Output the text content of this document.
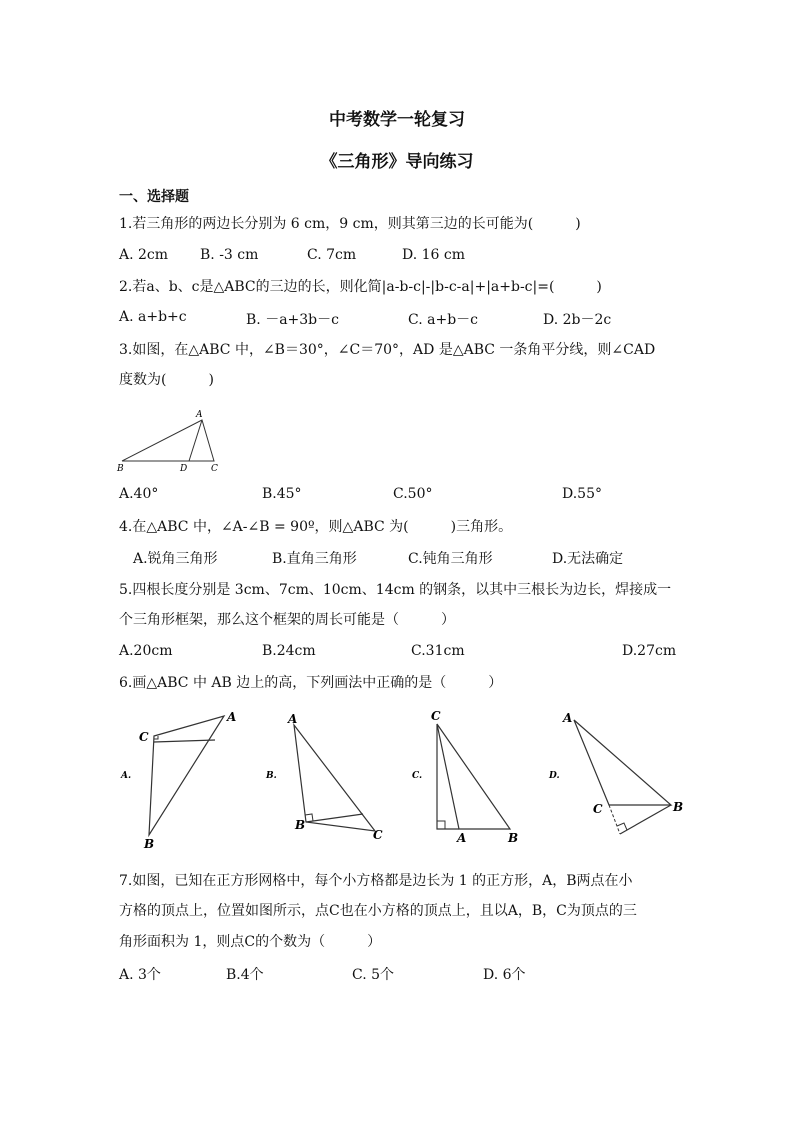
中考数学一轮复习
《三角形》导向练习
一、选择题
1.若三角形的两边长分别为 6 cm，9 cm，则其第三边的长可能为(　　　)
A. 2cm B. -3 cm	C. 7cm	D. 16 cm
2.若a、b、c是△ABC的三边的长，则化简|a-b-c|-|b-c-a|+|a+b-c|=(　　　)
A. a+b+c	B. －a+3b－c	C. a+b－c	D. 2b－2c
3.如图，在△ABC 中，∠B＝30°，∠C＝70°，AD 是△ABC 一条角平分线，则∠CAD
度数为(　　　)
A
B	D	C
A.40°	B.45°	C.50°	D.55°
4.在△ABC 中，∠A-∠B = 90º，则△ABC 为(　　　)三角形。
A.锐角三角形	B.直角三角形	C.钝角三角形	D.无法确定
5.四根长度分别是 3cm、7cm、10cm、14cm 的钢条，以其中三根长为边长，焊接成一
个三角形框架，那么这个框架的周长可能是（　　　）
A.20cm	B.24cm	C.31cm	D.27cm
6.画△ABC 中 AB 边上的高，下列画法中正确的是（　　　）
A.
C
A
B
B.
A
B
C
C.
C
A	B
D.
A
C	B
7.如图，已知在正方形网格中，每个小方格都是边长为 1 的正方形，A，B两点在小
方格的顶点上，位置如图所示，点C也在小方格的顶点上，且以A，B，C为顶点的三
角形面积为 1，则点C的个数为（　　　）
A. 3个	B.4个	C. 5个	D. 6个
